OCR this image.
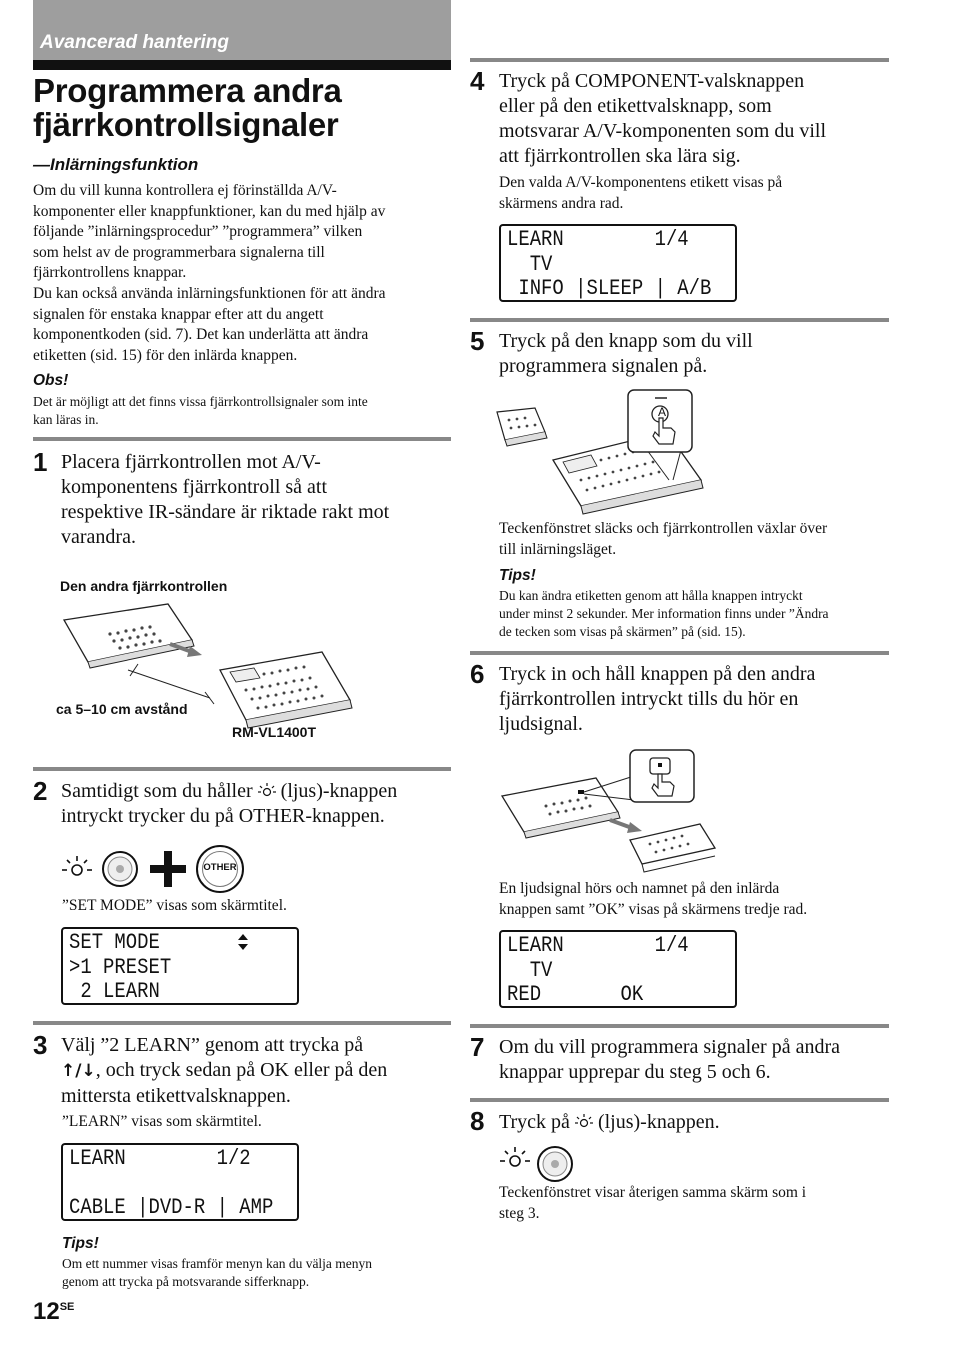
Avancerad hantering
Programmera andra fjärrkontrollsignaler
—Inlärningsfunktion
Om du vill kunna kontrollera ej förinställda A/V-
komponenter eller knappfunktioner, kan du med hjälp av
följande ”inlärningsprocedur” ”programmera” vilken
som helst av de programmerbara signalerna till
fjärrkontrollens knappar.
Du kan också använda inlärningsfunktionen för att ändra
signalen för enstaka knappar efter att du angett
komponentkoden (sid. 7). Det kan underlätta att ändra
etiketten (sid. 15) för den inlärda knappen.
Obs!
Det är möjligt att det finns vissa fjärrkontrollsignaler som inte
kan läras in.
1 Placera fjärrkontrollen mot A/V-
komponentens fjärrkontroll så att
respektive IR-sändare är riktade rakt mot
varandra.
Den andra fjärrkontrollen
ca 5–10 cm avstånd
RM-VL1400T
2 Samtidigt som du håller (ljus)-knappen
intryckt trycker du på OTHER-knappen.
OTHER
”SET MODE” visas som skärmtitel.
SET MODE
>1 PRESET
2 LEARN
3 Välj ”2 LEARN” genom att trycka på
↑/↓, och tryck sedan på OK eller på den
mittersta etikettvalsknappen.
”LEARN” visas som skärmtitel.
LEARN        1/2
CABLE |DVD-R | AMP
Tips!
Om ett nummer visas framför menyn kan du välja menyn
genom att trycka på motsvarande sifferknapp.
$12^{SE}$
4 Tryck på COMPONENT-valsknappen
eller på den etikettvalsknapp, som
motsvarar A/V-komponenten som du vill
att fjärrkontrollen ska lära sig.
Den valda A/V-komponentens etikett visas på
skärmens andra rad.
LEARN        1/4
TV
INFO |SLEEP | A/B
5 Tryck på den knapp som du vill
programmera signalen på.
A
Teckenfönstret släcks och fjärrkontrollen växlar över
till inlärningsläget.
Tips!
Du kan ändra etiketten genom att hålla knappen intryckt
under minst 2 sekunder. Mer information finns under ”Ändra
de tecken som visas på skärmen” på (sid. 15).
6 Tryck in och håll knappen på den andra
fjärrkontrollen intryckt tills du hör en
ljudsignal.
En ljudsignal hörs och namnet på den inlärda
knappen samt ”OK” visas på skärmens tredje rad.
LEARN        1/4
TV
RED       OK
7 Om du vill programmera signaler på andra
knappar upprepar du steg 5 och 6.
8 Tryck på (ljus)-knappen.
Teckenfönstret visar återigen samma skärm som i
steg 3.
